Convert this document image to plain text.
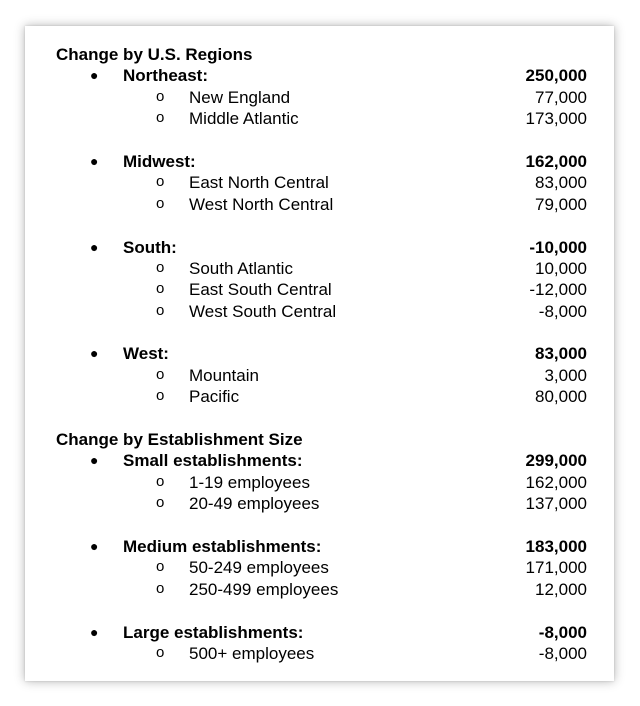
Change by U.S. Regions
● Northeast:	250,000
o New England	77,000
o Middle Atlantic	173,000
● Midwest:	162,000
o East North Central	83,000
o West North Central	79,000
● South:	-10,000
o South Atlantic	10,000
o East South Central	-12,000
o West South Central	-8,000
● West:	83,000
o Mountain	3,000
o Pacific	80,000
Change by Establishment Size
● Small establishments:	299,000
o 1-19 employees	162,000
o 20-49 employees	137,000
● Medium establishments:	183,000
o 50-249 employees	171,000
o 250-499 employees	12,000
● Large establishments:	-8,000
o 500+ employees	-8,000
